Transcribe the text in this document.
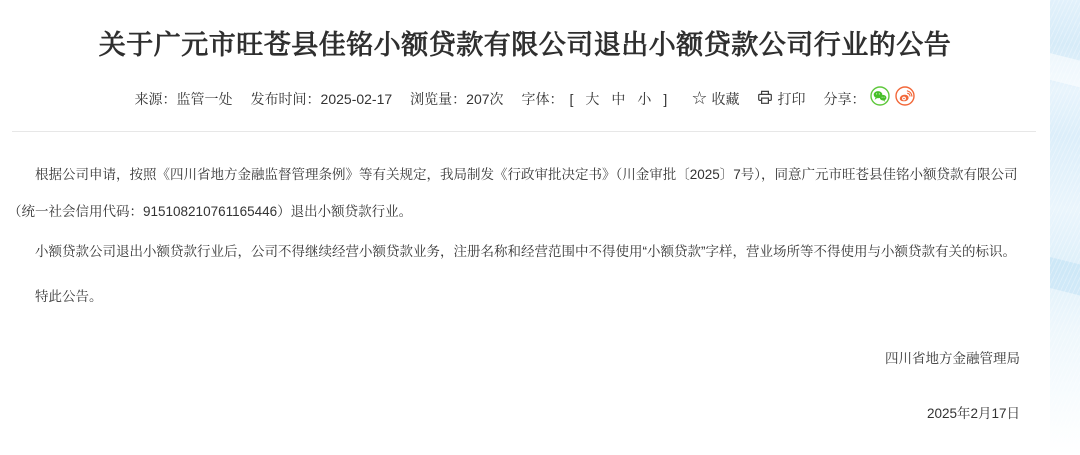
关于广元市旺苍县佳铭小额贷款有限公司退出小额贷款公司行业的公告
来源： 监管一处 发布时间： 2025-02-17 浏览量： 207次 字体： [ 大 中 小 ] ☆ 收藏	打印 分享：

根据公司申请，按照《四川省地方金融监督管理条例》等有关规定，我局制发《行政审批决定书》（川金审批〔2025〕7号），同意广元市旺苍县佳铭小额贷款有限公司（统一社会信用代码：915108210761165446）退出小额贷款行业。

小额贷款公司退出小额贷款行业后，公司不得继续经营小额贷款业务，注册名称和经营范围中不得使用“小额贷款”字样，营业场所等不得使用与小额贷款有关的标识。

特此公告。

四川省地方金融管理局
2025年2月17日
